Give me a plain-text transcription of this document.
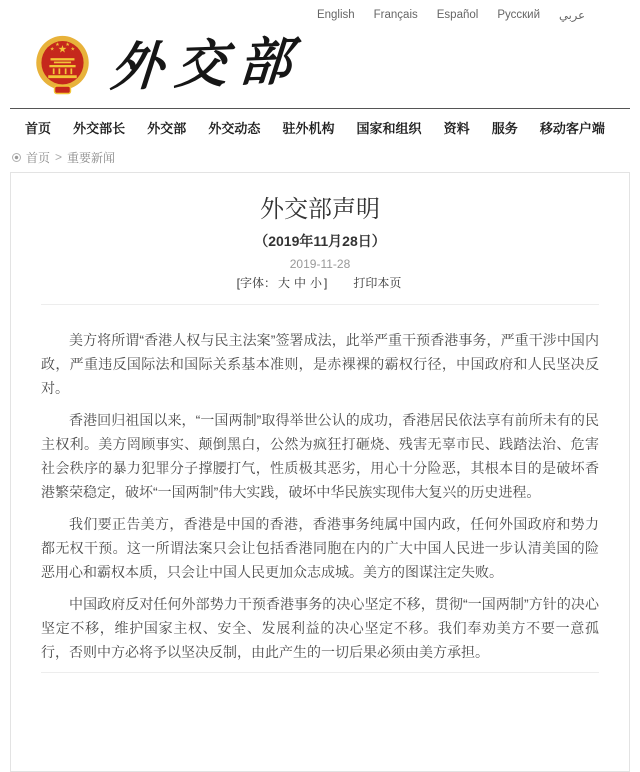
English Français Español Русский عربي
★
★
★ ★
★ 外交部
首页 外交部长 外交部 外交动态 驻外机构 国家和组织 资料 服务 移动客户端
首页 > 重要新闻
外交部声明
（2019年11月28日）
2019-11-28
[字体： 大 中 小 ] 打印本页

美方将所谓“香港人权与民主法案”签署成法，此举严重干预香港事务，严重干涉中国内政，严重违反国际法和国际关系基本准则，是赤裸裸的霸权行径，中国政府和人民坚决反对。

香港回归祖国以来，“一国两制”取得举世公认的成功，香港居民依法享有前所未有的民主权利。美方罔顾事实、颠倒黑白，公然为疯狂打砸烧、残害无辜市民、践踏法治、危害社会秩序的暴力犯罪分子撑腰打气，性质极其恶劣，用心十分险恶，其根本目的是破坏香港繁荣稳定，破坏“一国两制”伟大实践，破坏中华民族实现伟大复兴的历史进程。

我们要正告美方，香港是中国的香港，香港事务纯属中国内政，任何外国政府和势力都无权干预。这一所谓法案只会让包括香港同胞在内的广大中国人民进一步认清美国的险恶用心和霸权本质，只会让中国人民更加众志成城。美方的图谋注定失败。

中国政府反对任何外部势力干预香港事务的决心坚定不移，贯彻“一国两制”方针的决心坚定不移，维护国家主权、安全、发展利益的决心坚定不移。我们奉劝美方不要一意孤行，否则中方必将予以坚决反制，由此产生的一切后果必须由美方承担。
